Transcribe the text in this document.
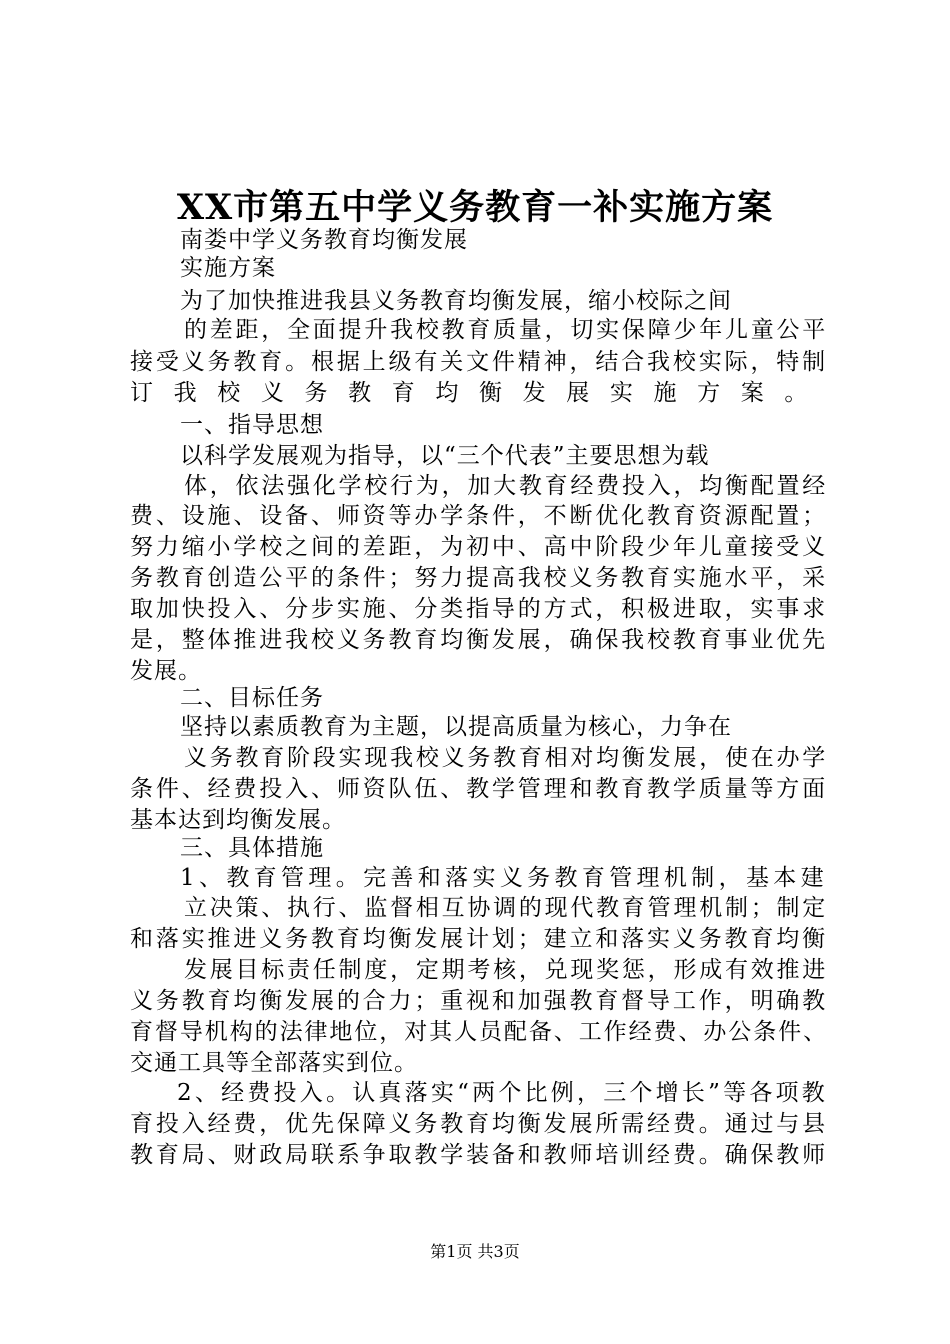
XX市第五中学义务教育一补实施方案
南娄中学义务教育均衡发展
实施方案
为了加快推进我县义务教育均衡发展，缩小校际之间
的差距，全面提升我校教育质量，切实保障少年儿童公平
接受义务教育。根据上级有关文件精神，结合我校实际，特制
订我校义务教育均衡发展实施方案。
一、指导思想
以科学发展观为指导，以“三个代表”主要思想为载
体，依法强化学校行为，加大教育经费投入，均衡配置经
费、设施、设备、师资等办学条件，不断优化教育资源配置；
努力缩小学校之间的差距，为初中、高中阶段少年儿童接受义
务教育创造公平的条件；努力提高我校义务教育实施水平，采
取加快投入、分步实施、分类指导的方式，积极进取，实事求
是，整体推进我校义务教育均衡发展，确保我校教育事业优先
发展。
二、目标任务
坚持以素质教育为主题，以提高质量为核心，力争在
义务教育阶段实现我校义务教育相对均衡发展，使在办学
条件、经费投入、师资队伍、教学管理和教育教学质量等方面
基本达到均衡发展。
三、具体措施
1、教育管理。完善和落实义务教育管理机制，基本建
立决策、执行、监督相互协调的现代教育管理机制；制定
和落实推进义务教育均衡发展计划；建立和落实义务教育均衡
发展目标责任制度，定期考核，兑现奖惩，形成有效推进
义务教育均衡发展的合力；重视和加强教育督导工作，明确教
育督导机构的法律地位，对其人员配备、工作经费、办公条件、
交通工具等全部落实到位。
2、经费投入。认真落实“两个比例，三个增长”等各项教
育投入经费，优先保障义务教育均衡发展所需经费。通过与县
教育局、财政局联系争取教学装备和教师培训经费。确保教师
第1页 共3页
